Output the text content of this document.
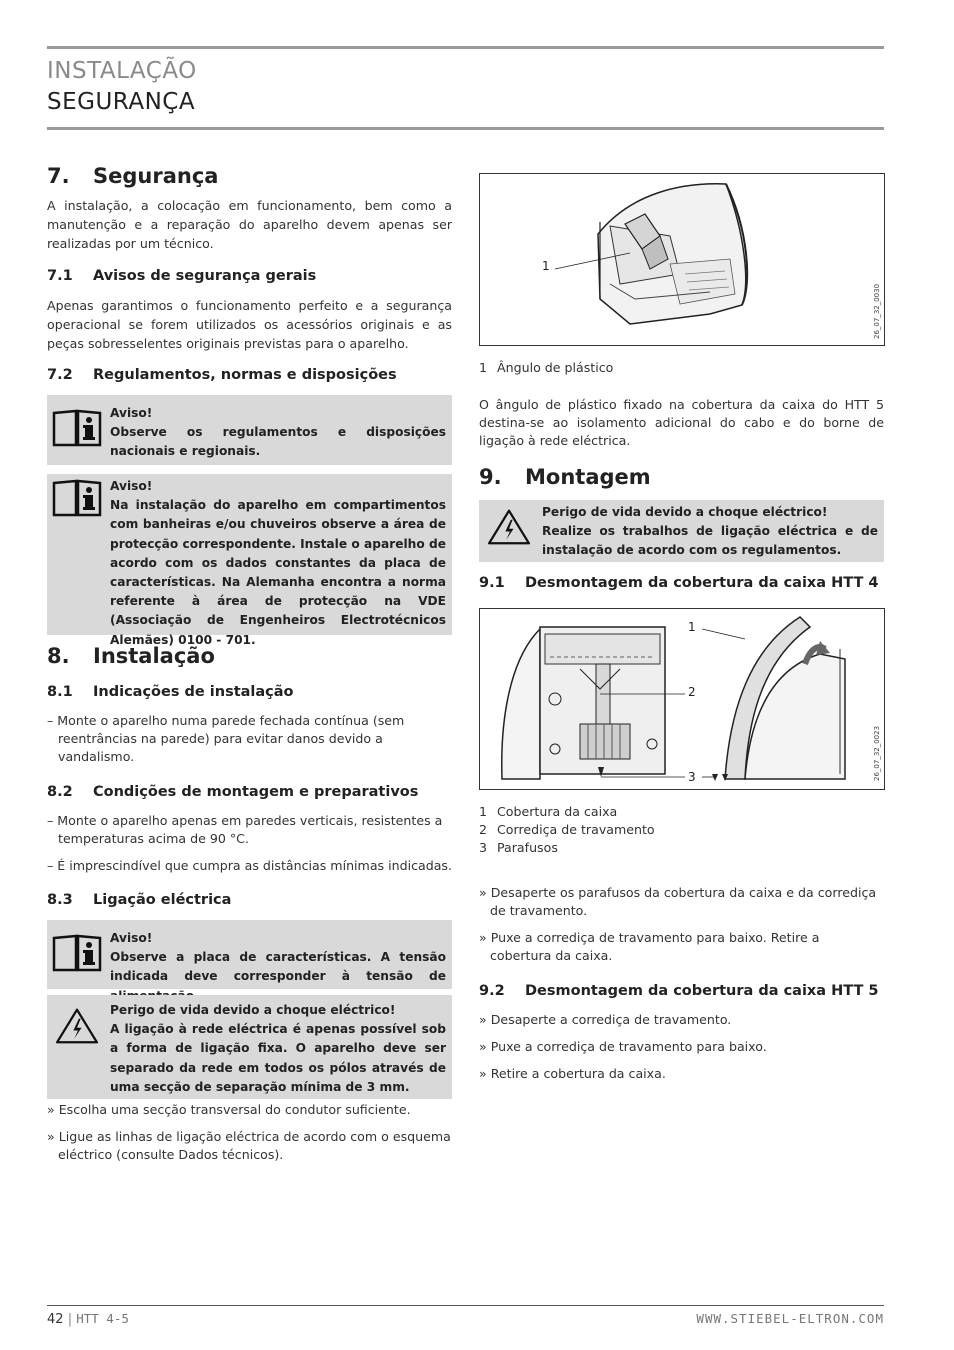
INSTALAÇÃO
SEGURANÇA
7. Segurança
A instalação, a colocação em funcionamento, bem como a manutenção e a reparação do aparelho devem apenas ser realizadas por um técnico.
7.1 Avisos de segurança gerais
Apenas garantimos o funcionamento perfeito e a segurança operacional se forem utilizados os acessórios originais e as peças sobresselentes originais previstas para o aparelho.
7.2 Regulamentos, normas e disposições
Aviso!
Observe os regulamentos e disposições nacionais e regionais.
Aviso!
Na instalação do aparelho em compartimentos com banheiras e/ou chuveiros observe a área de protecção correspondente. Instale o aparelho de acordo com os dados constantes da placa de características. Na Alemanha encontra a norma referente à área de protecção na VDE (Associação de Engenheiros Electrotécnicos Alemães) 0100 - 701.
8. Instalação
8.1 Indicações de instalação
– Monte o aparelho numa parede fechada contínua (sem reentrâncias na parede) para evitar danos devido a vandalismo.
8.2 Condições de montagem e preparativos
– Monte o aparelho apenas em paredes verticais, resistentes a temperaturas acima de 90 °C.
– É imprescindível que cumpra as distâncias mínimas indicadas.
8.3 Ligação eléctrica
Aviso!
Observe a placa de características. A tensão indicada deve corresponder à tensão de
Perigo de vida devido a choque eléctrico!
A ligação à rede eléctrica é apenas possível sob a forma de ligação fixa. O aparelho deve ser separado da rede em todos os pólos através de uma secção de separação mínima de 3 mm.
» Escolha uma secção transversal do condutor suficiente.
» Ligue as linhas de ligação eléctrica de acordo com o esquema eléctrico (consulte Dados técnicos).
1
26_07_32_0030
1 Ângulo de plástico
O ângulo de plástico fixado na cobertura da caixa do HTT 5 destina-se ao isolamento adicional do cabo e do borne de ligação à rede eléctrica.
9. Montagem
Perigo de vida devido a choque eléctrico!
Realize os trabalhos de ligação eléctrica e de instalação de acordo com os regulamentos.
9.1 Desmontagem da cobertura da caixa HTT 4
1
2
3	26_07_32_0023
1 Cobertura da caixa
2 Corrediça de travamento
3 Parafusos
» Desaperte os parafusos da cobertura da caixa e da corrediça de travamento.
» Puxe a corrediça de travamento para baixo. Retire a cobertura da caixa.
9.2 Desmontagem da cobertura da caixa HTT 5
» Desaperte a corrediça de travamento.
» Puxe a corrediça de travamento para baixo.
» Retire a cobertura da caixa.
42 | HTT 4-5	WWW.STIEBEL-ELTRON.COM
